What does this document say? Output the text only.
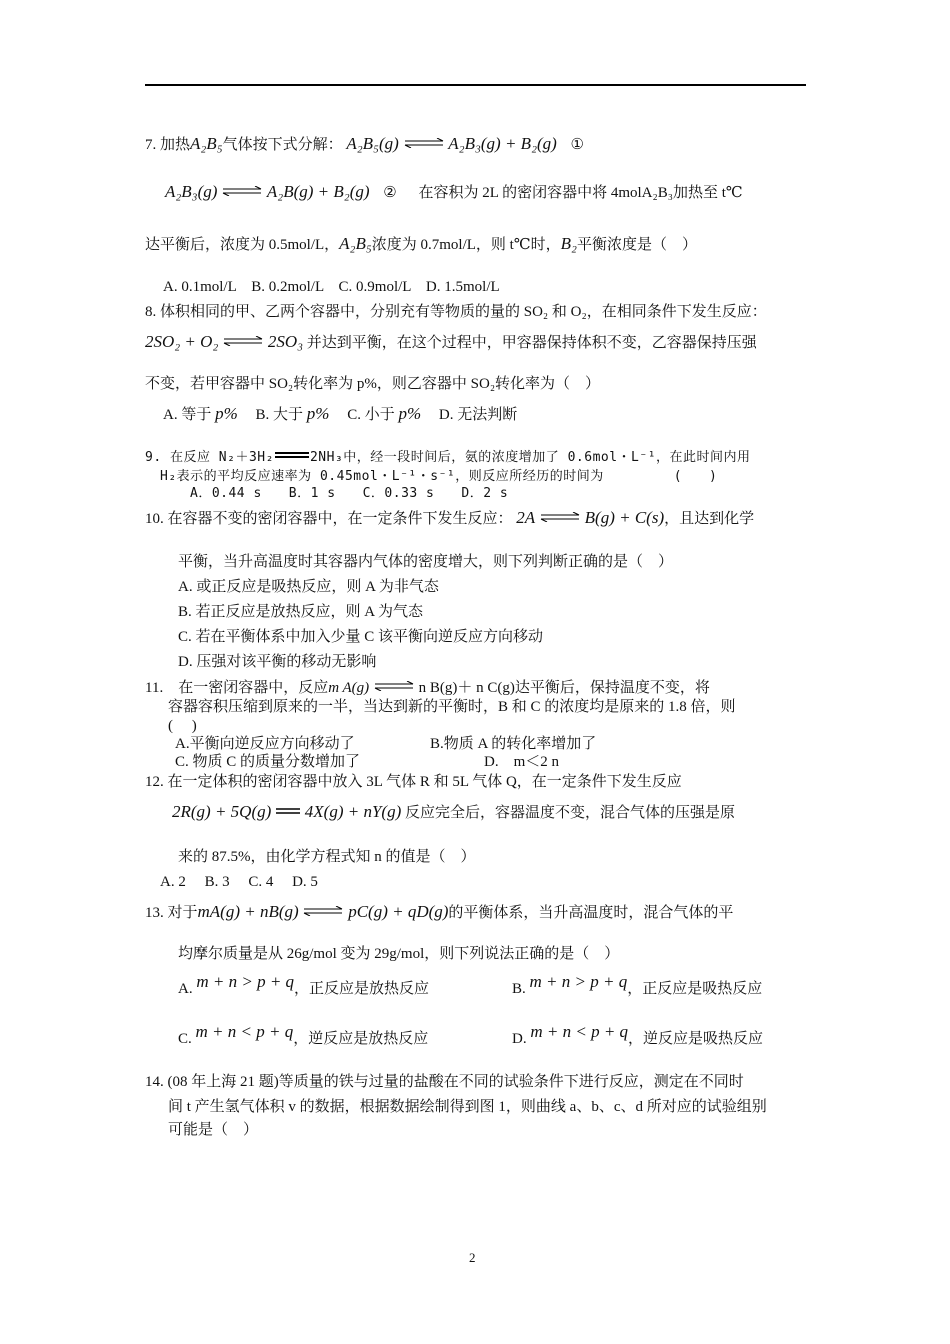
7. 加热A₂B₅气体按下式分解： A₂B₅(g) ⇌ A₂B₃(g) + B₂(g) ①
A₂B₃(g) ⇌ A₂B(g) + B₂(g) ② 在容积为 2L 的密闭容器中将 4molA₂B₃加热至 t℃
达平衡后，浓度为 0.5mol/L，A₂B₅浓度为 0.7mol/L，则 t℃时，B₂平衡浓度是（　）
A. 0.1mol/L　B. 0.2mol/L　C. 0.9mol/L　D. 1.5mol/L
8. 体积相同的甲、乙两个容器中，分别充有等物质的量的 SO₂ 和 O₂，在相同条件下发生反应：
2SO₂ + O₂ ⇌ 2SO₃ 并达到平衡，在这个过程中，甲容器保持体积不变，乙容器保持压强
不变，若甲容器中 SO₂转化率为 p%，则乙容器中 SO₂转化率为（　）
A. 等于 p% B. 大于 p% C. 小于 p% D. 无法判断
9. 在反应 N₂＋3H₂	2NH₃中，经一段时间后，氨的浓度增加了 0.6mol・L⁻¹，在此时间内用
H₂表示的平均反应速率为 0.45mol・L⁻¹・s⁻¹，则反应所经历的时间为	(　　)
A．0.44 s　　B．1 s　　C．0.33 s　　D．2 s
10. 在容器不变的密闭容器中，在一定条件下发生反应： 2A ⇌ B(g) + C(s)，且达到化学
平衡，当升高温度时其容器内气体的密度增大，则下列判断正确的是（　）
A. 或正反应是吸热反应，则 A 为非气态
B. 若正反应是放热反应，则 A 为气态
C. 若在平衡体系中加入少量 C 该平衡向逆反应方向移动
D. 压强对该平衡的移动无影响
11.　在一密闭容器中，反应m A(g) ⇌ n B(g)＋ n C(g)达平衡后，保持温度不变，将
容器容积压缩到原来的一半，当达到新的平衡时，B 和 C 的浓度均是原来的 1.8 倍，则
(　 )
A.平衡向逆反应方向移动了	B.物质 A 的转化率增加了
C. 物质 C 的质量分数增加了	D.　m＜2 n
12. 在一定体积的密闭容器中放入 3L 气体 R 和 5L 气体 Q，在一定条件下发生反应
2R(g) + 5Q(g) 4X(g) + nY(g) 反应完全后，容器温度不变，混合气体的压强是原
来的 87.5%，由化学方程式知 n 的值是（　）
A. 2　 B. 3　 C. 4　 D. 5
13. 对于mA(g) + nB(g) ⇌ pC(g) + qD(g)的平衡体系，当升高温度时，混合气体的平
均摩尔质量是从 26g/mol 变为 29g/mol，则下列说法正确的是（　）
A. m + n > p + q，正反应是放热反应	B. m + n > p + q，正反应是吸热反应
C. m + n < p + q，逆反应是放热反应	D. m + n < p + q，逆反应是吸热反应
14. (08 年上海 21 题)等质量的铁与过量的盐酸在不同的试验条件下进行反应，测定在不同时
间 t 产生氢气体积 v 的数据，根据数据绘制得到图 1，则曲线 a、b、c、d 所对应的试验组别
可能是（　）
2
